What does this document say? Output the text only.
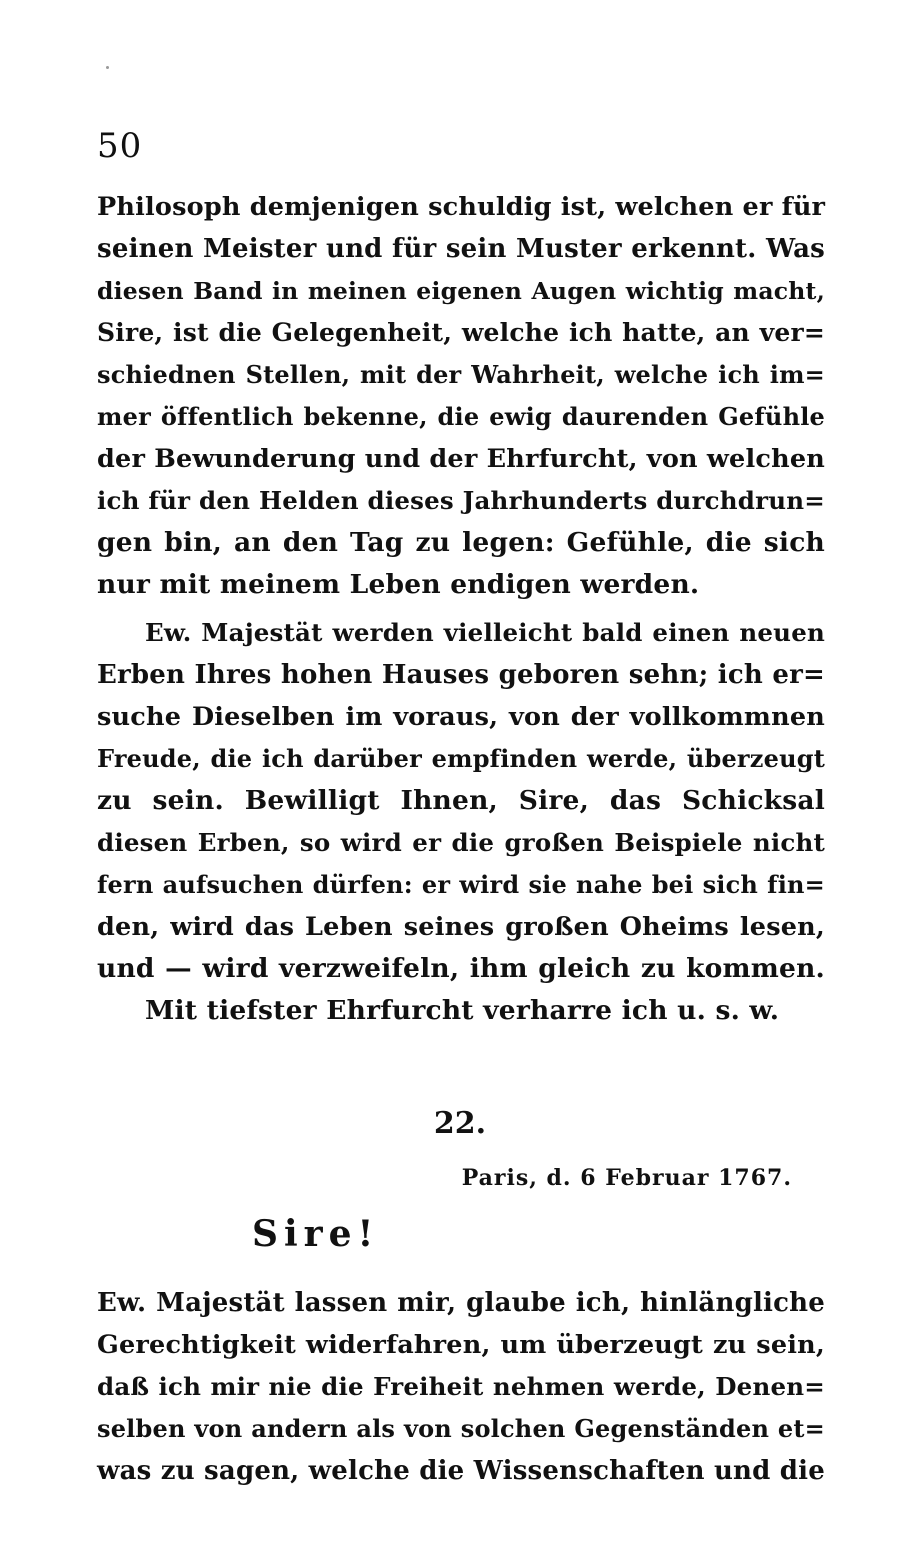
50
Philosoph demjenigen schuldig ist, welchen er für
seinen Meister und für sein Muster erkennt. Was
diesen Band in meinen eigenen Augen wichtig macht,
Sire, ist die Gelegenheit, welche ich hatte, an ver=
schiednen Stellen, mit der Wahrheit, welche ich im=
mer öffentlich bekenne, die ewig daurenden Gefühle
der Bewunderung und der Ehrfurcht, von welchen
ich für den Helden dieses Jahrhunderts durchdrun=
gen bin, an den Tag zu legen: Gefühle, die sich
nur mit meinem Leben endigen werden.
Ew. Majestät werden vielleicht bald einen neuen
Erben Ihres hohen Hauses geboren sehn; ich er=
suche Dieselben im voraus, von der vollkommnen
Freude, die ich darüber empfinden werde, überzeugt
zu sein. Bewilligt Ihnen, Sire, das Schicksal
diesen Erben, so wird er die großen Beispiele nicht
fern aufsuchen dürfen: er wird sie nahe bei sich fin=
den, wird das Leben seines großen Oheims lesen,
und — wird verzweifeln, ihm gleich zu kommen.
Mit tiefster Ehrfurcht verharre ich u. s. w.
22.
Paris, d. 6 Februar 1767.
Sire!
Ew. Majestät lassen mir, glaube ich, hinlängliche
Gerechtigkeit widerfahren, um überzeugt zu sein,
daß ich mir nie die Freiheit nehmen werde, Denen=
selben von andern als von solchen Gegenständen et=
was zu sagen, welche die Wissenschaften und die
